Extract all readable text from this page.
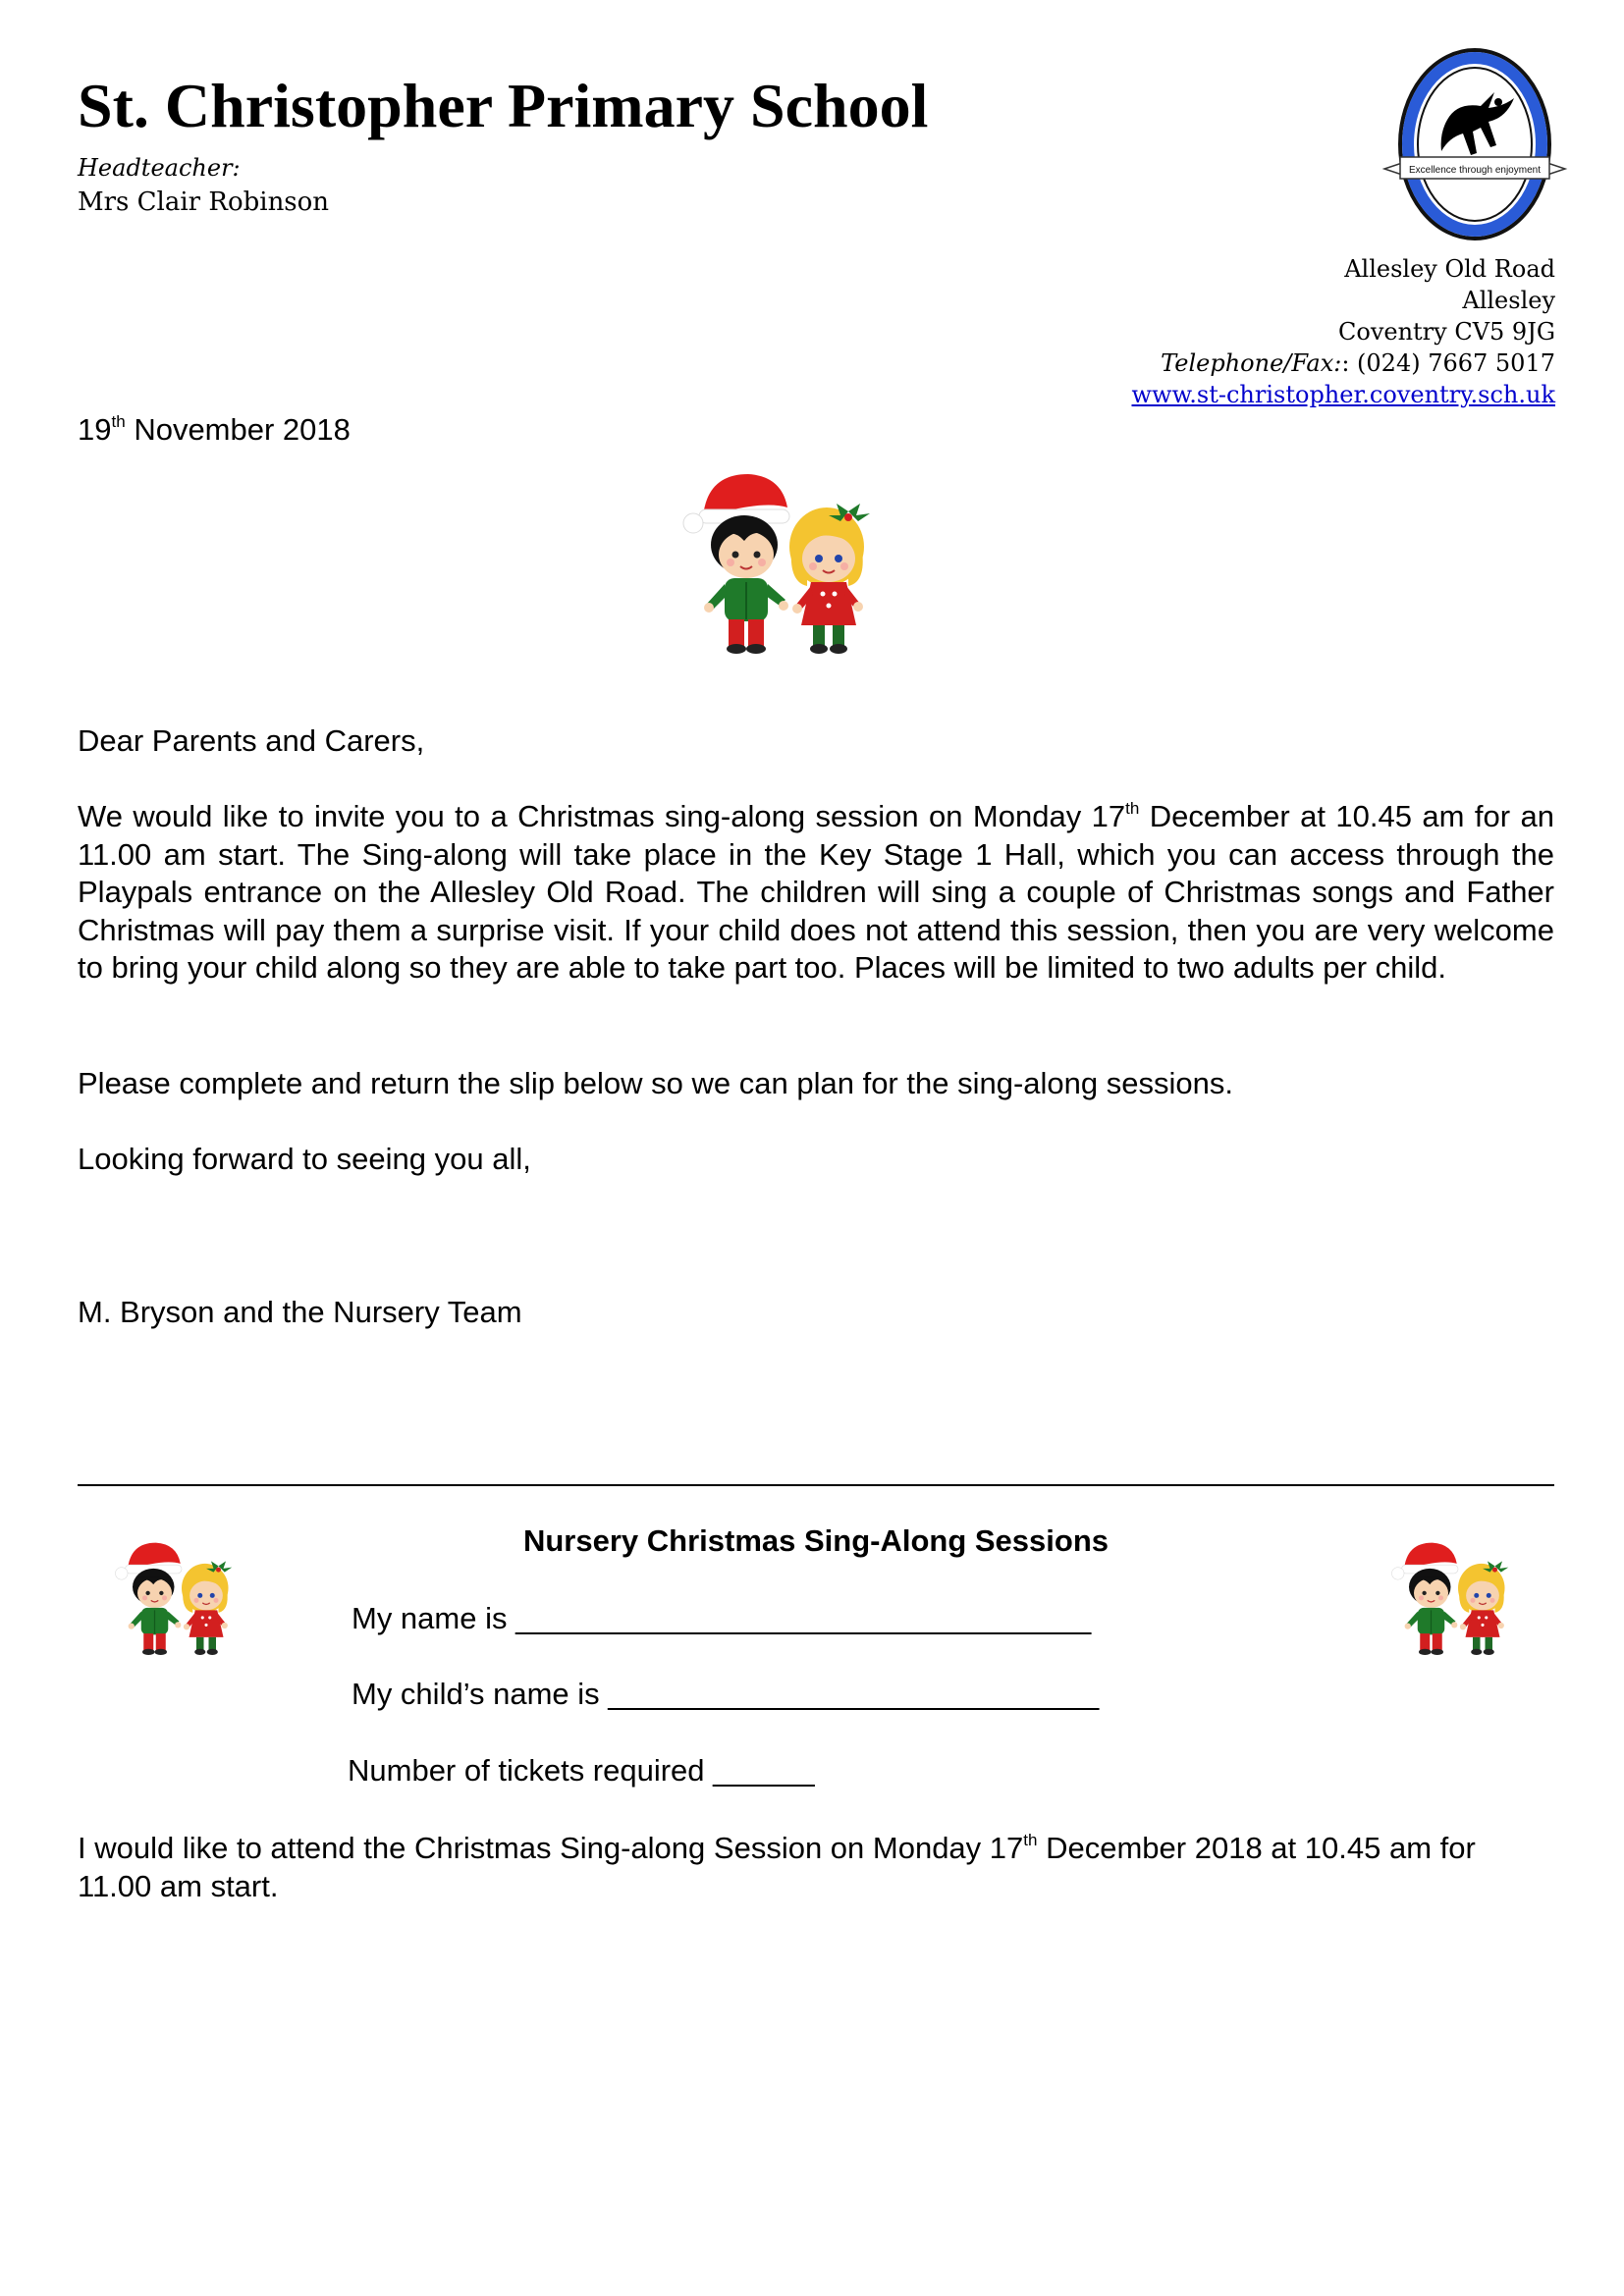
St. Christopher Primary School
Headteacher:
Mrs Clair Robinson
Excellence through enjoyment
Allesley Old Road
Allesley
Coventry CV5 9JG
Telephone/Fax:: (024) 7667 5017
www.st-christopher.coventry.sch.uk
19th November 2018
Dear Parents and Carers,
We would like to invite you to a Christmas sing-along session on Monday 17th December at 10.45 am for an 11.00 am start. The Sing-along will take place in the Key Stage 1 Hall, which you can access through the Playpals entrance on the Allesley Old Road. The children will sing a couple of Christmas songs and Father Christmas will pay them a surprise visit. If your child does not attend this session, then you are very welcome to bring your child along so they are able to take part too. Places will be limited to two adults per child.
Please complete and return the slip below so we can plan for the sing-along sessions.
Looking forward to seeing you all,
M. Bryson and the Nursery Team
Nursery Christmas Sing-Along Sessions
My name is __________________________________
My child’s name is _____________________________
Number of tickets required ______
I would like to attend the Christmas Sing-along Session on Monday 17th December 2018 at 10.45 am for 11.00 am start.
